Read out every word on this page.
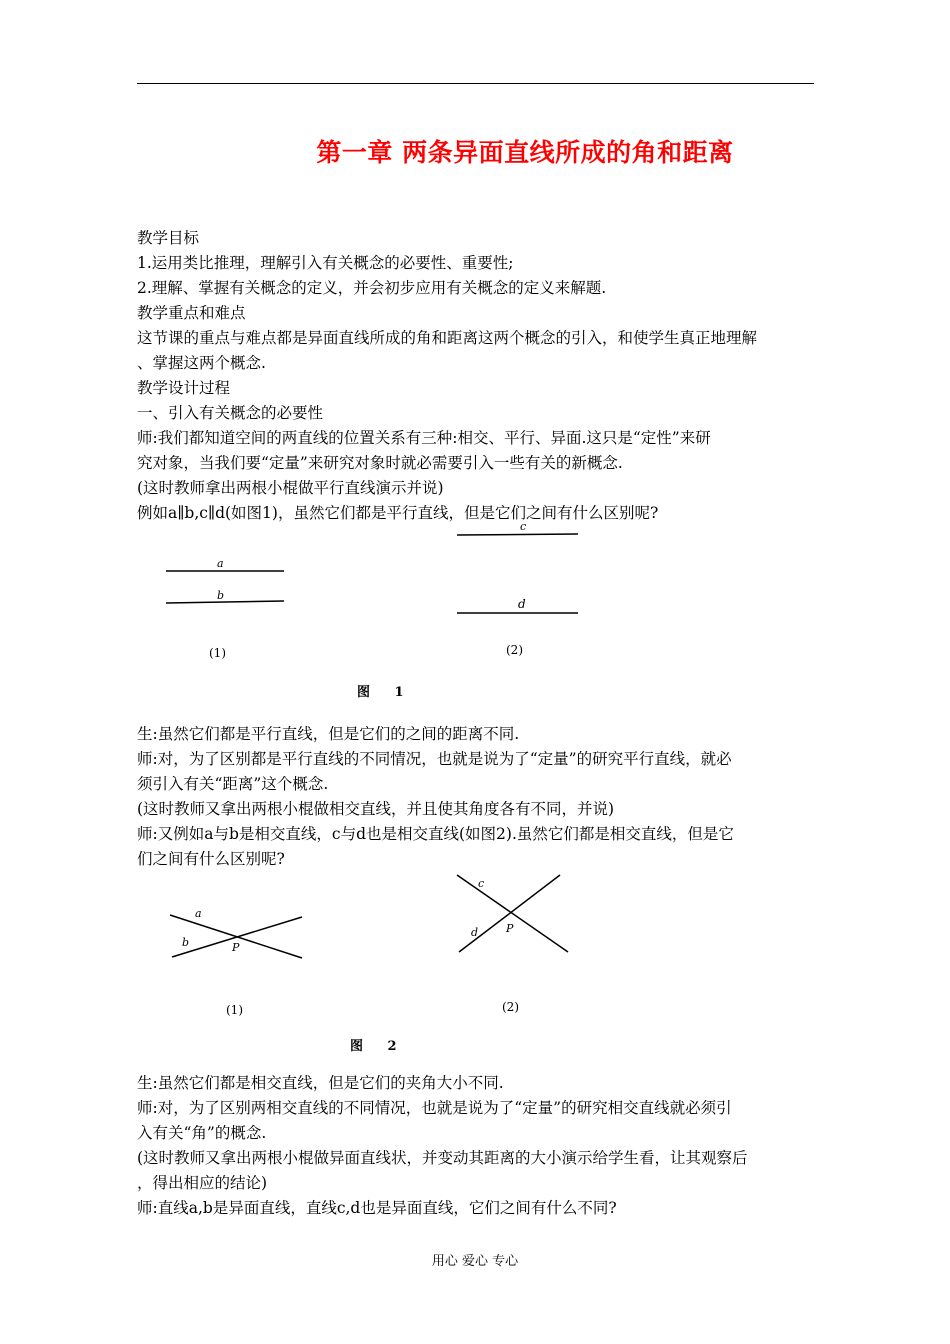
第一章 两条异面直线所成的角和距离
教学目标
1.运用类比推理，理解引入有关概念的必要性、重要性;
2.理解、掌握有关概念的定义，并会初步应用有关概念的定义来解题.
教学重点和难点
这节课的重点与难点都是异面直线所成的角和距离这两个概念的引入，和使学生真正地理解
、掌握这两个概念.
教学设计过程
一、引入有关概念的必要性
师:我们都知道空间的两直线的位置关系有三种:相交、平行、异面.这只是“定性”来研
究对象，当我们要“定量”来研究对象时就必需要引入一些有关的新概念.
(这时教师拿出两根小棍做平行直线演示并说)
例如a∥b,c∥d(如图1)，虽然它们都是平行直线，但是它们之间有什么区别呢?
a
b
c
d
(1)	(2)
图 1
生:虽然它们都是平行直线，但是它们的之间的距离不同.
师:对，为了区别都是平行直线的不同情况，也就是说为了“定量”的研究平行直线，就必
须引入有关“距离”这个概念.
(这时教师又拿出两根小棍做相交直线，并且使其角度各有不同，并说)
师:又例如a与b是相交直线，c与d也是相交直线(如图2).虽然它们都是相交直线，但是它
们之间有什么区别呢?
a
b	P
c
d	P
(1)	(2)
图 2
生:虽然它们都是相交直线，但是它们的夹角大小不同.
师:对，为了区别两相交直线的不同情况，也就是说为了“定量”的研究相交直线就必须引
入有关“角”的概念.
(这时教师又拿出两根小棍做异面直线状，并变动其距离的大小演示给学生看，让其观察后
，得出相应的结论)
师:直线a,b是异面直线，直线c,d也是异面直线，它们之间有什么不同?
用心 爱心 专心
